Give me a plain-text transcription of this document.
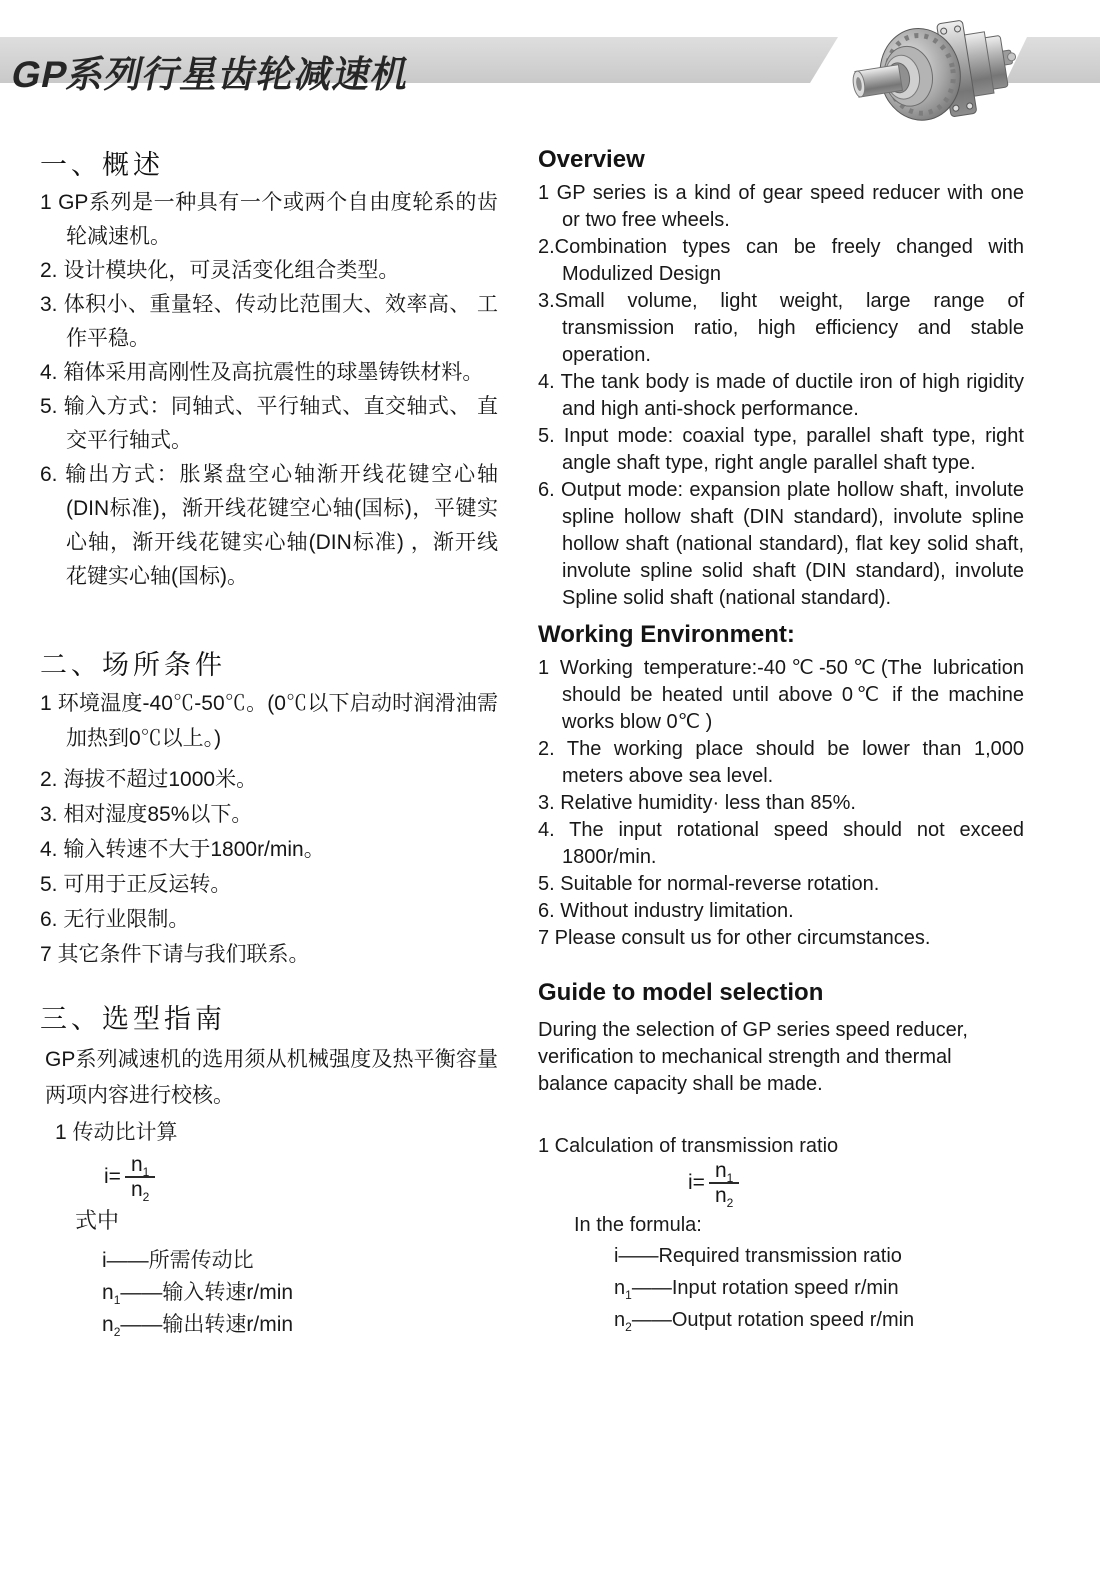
GP系列行星齿轮减速机
一、概述

1 GP系列是一种具有一个或两个自由度轮系的齿轮减速机。

2. 设计模块化，可灵活变化组合类型。

3. 体积小、重量轻、传动比范围大、效率高、 工作平稳。

4. 箱体采用高刚性及高抗震性的球墨铸铁材料。

5. 输入方式：同轴式、平行轴式、直交轴式、 直交平行轴式。

6. 输出方式：胀紧盘空心轴渐开线花键空心轴(DIN标准)，渐开线花键空心轴(国标)，平键实心轴，渐开线花键实心轴(DIN标准) ，渐开线花键实心轴(国标)。

二、场所条件

1 环境温度-40℃-50℃。(0℃以下启动时润滑油需加热到0℃以上。)

2. 海拔不超过1000米。

3. 相对湿度85%以下。

4. 输入转速不大于1800r/min。

5. 可用于正反运转。

6. 无行业限制。

7 其它条件下请与我们联系。

三、选型指南

GP系列减速机的选用须从机械强度及热平衡容量两项内容进行校核。

1 传动比计算
$i= \frac{n_1}{n_2}$
式中
i——所需传动比
$n_1——$输入转速r/min
$n_2——$输出转速r/min
Overview

1 GP series is a kind of gear speed reducer with one or two free wheels.

2.Combination types can be freely changed with Modulized Design

3.Small volume, light weight, large range of transmission ratio, high efficiency and stable operation.

4. The tank body is made of ductile iron of high rigidity and high anti-shock performance.

5. Input mode: coaxial type, parallel shaft type, right angle shaft type, right angle parallel shaft type.

6. Output mode: expansion plate hollow shaft, involute spline hollow shaft (DIN standard), involute spline hollow shaft (national standard), flat key solid shaft, involute spline solid shaft (DIN standard), involute Spline solid shaft (national standard).

Working Environment:

1 Working temperature:-40℃-50℃(The lubrication should be heated until above 0℃ if the machine works blow 0℃ )

2. The working place should be lower than 1,000 meters above sea level.

3. Relative humidity· less than 85%.

4. The input rotational speed should not exceed 1800r/min.

5. Suitable for normal-reverse rotation.

6. Without industry limitation.

7 Please consult us for other circumstances.

Guide to model selection

During the selection of GP series speed reducer, verification to mechanical strength and thermal balance capacity shall be made.

1 Calculation of transmission ratio
$i= \frac{n_1}{n_2}$
In the formula:
i——Required transmission ratio
$n_1——Input$ rotation speed r/min
$n_2——Output$ rotation speed r/min
